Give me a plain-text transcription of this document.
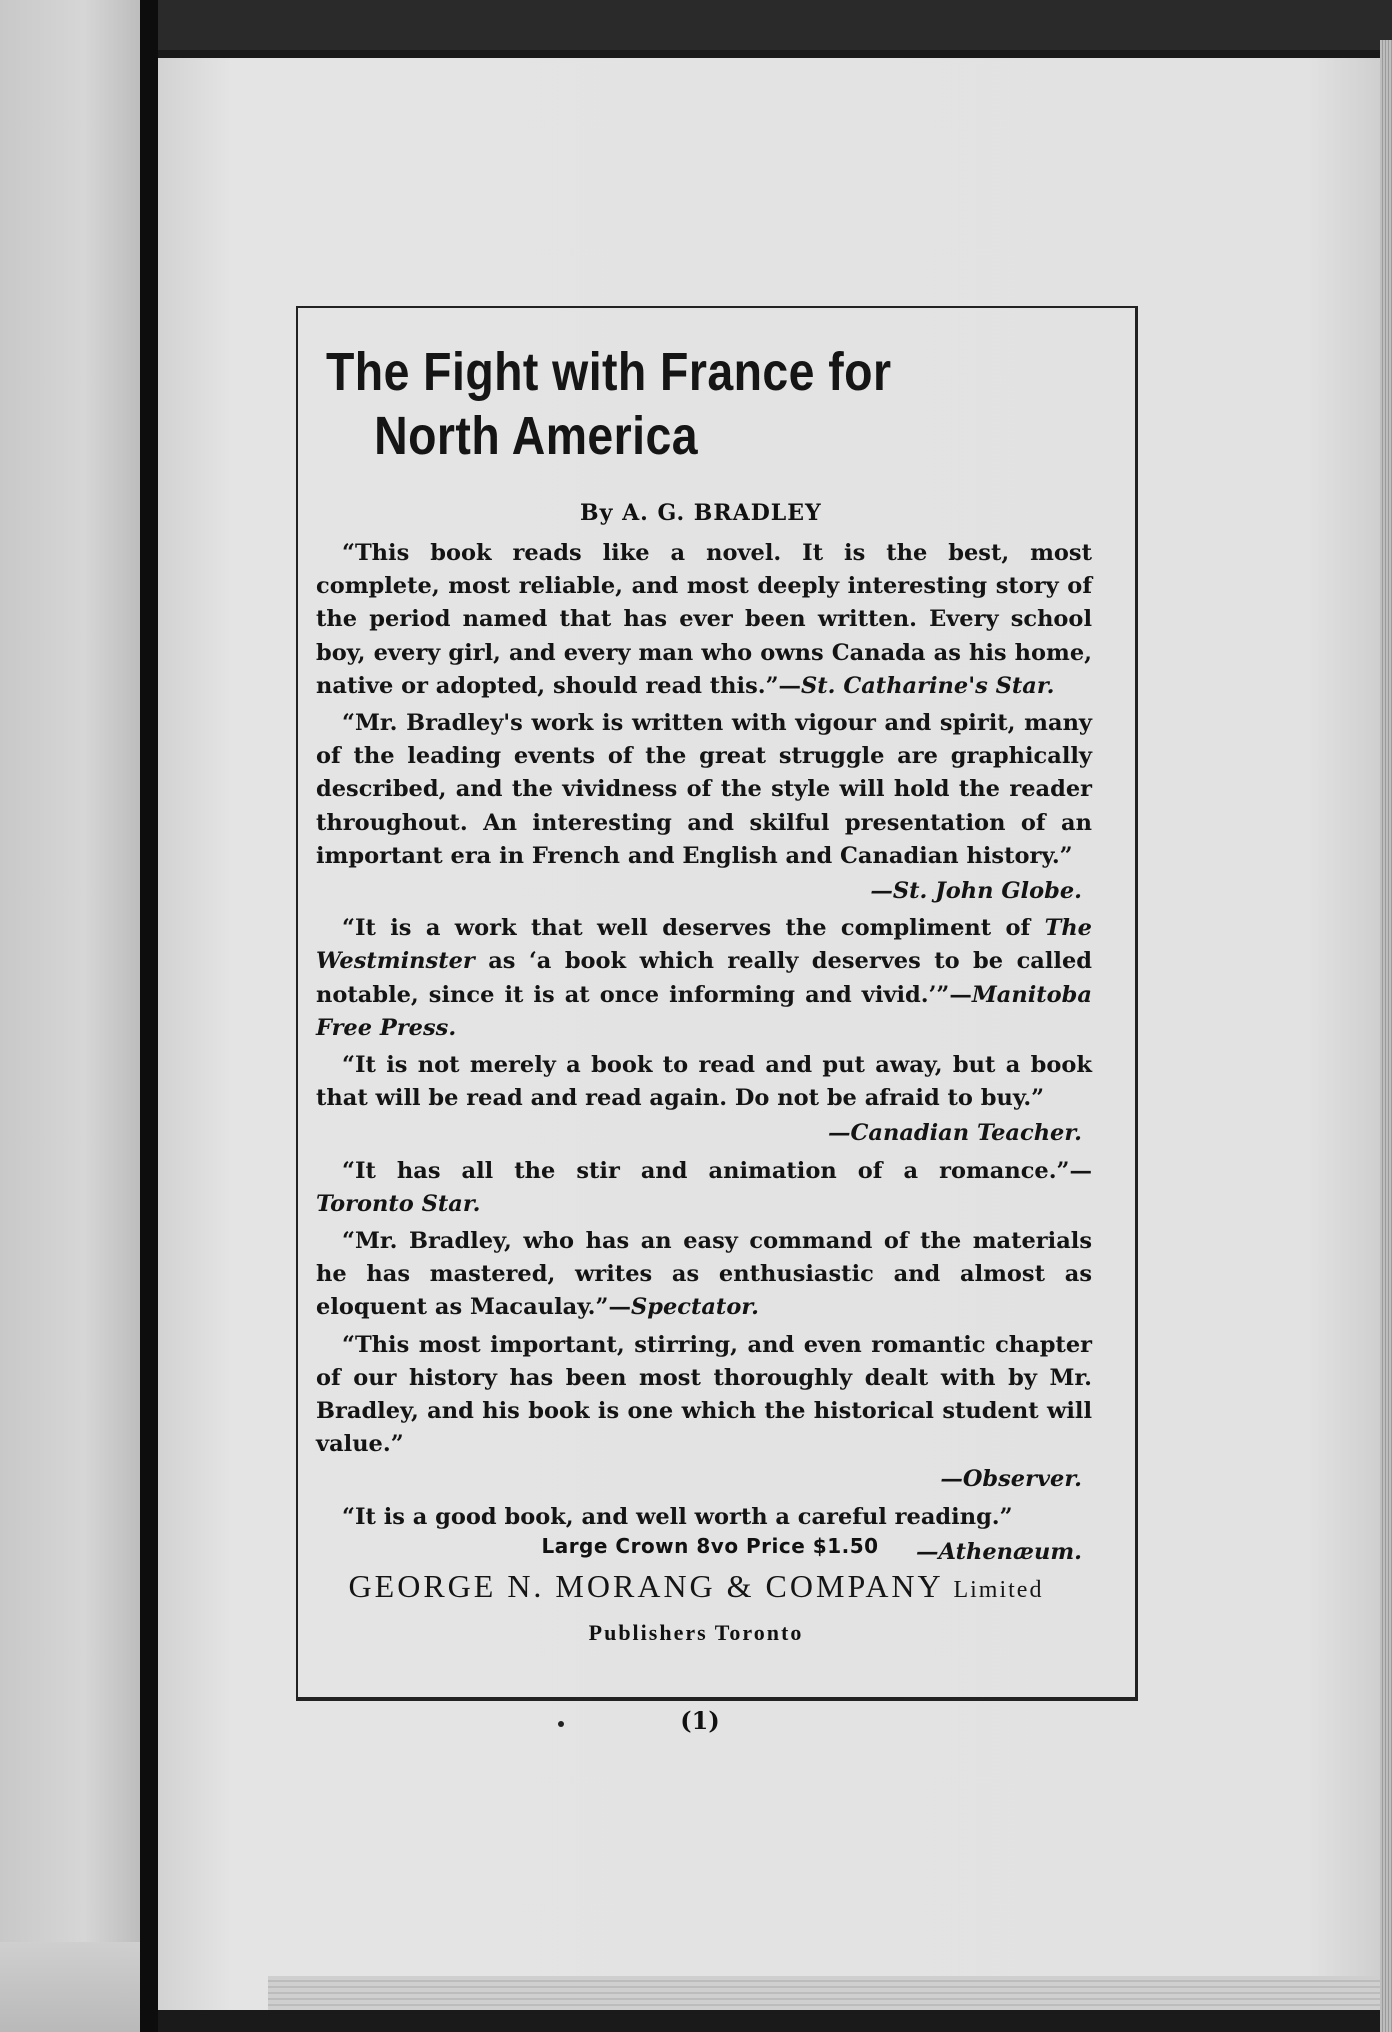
The Fight with France for
North America
By A. G. BRADLEY

“This book reads like a novel. It is the best, most complete, most reliable, and most deeply interesting story of the period named that has ever been written. Every school boy, every girl, and every man who owns Canada as his home, native or adopted, should read this.”—St. Catharine's Star.

“Mr. Bradley's work is written with vigour and spirit, many of the leading events of the great struggle are graphically described, and the vividness of the style will hold the reader throughout. An interesting and skilful presentation of an important era in French and English and Canadian history.”

—St. John Globe.

“It is a work that well deserves the compliment of The Westminster as ‘a book which really deserves to be called notable, since it is at once informing and vivid.’”—Manitoba Free Press.

“It is not merely a book to read and put away, but a book that will be read and read again. Do not be afraid to buy.”

—Canadian Teacher.

“It has all the stir and animation of a romance.”—Toronto Star.

“Mr. Bradley, who has an easy command of the materials he has mastered, writes as enthusiastic and almost as eloquent as Macaulay.”—Spectator.

“This most important, stirring, and even romantic chapter of our history has been most thoroughly dealt with by Mr. Bradley, and his book is one which the historical student will value.”

—Observer.

“It is a good book, and well worth a careful reading.”

—Athenæum.

Large Crown 8vo Price $1.50
GEORGE N. MORANG & COMPANY Limited
Publishers Toronto
(1)
